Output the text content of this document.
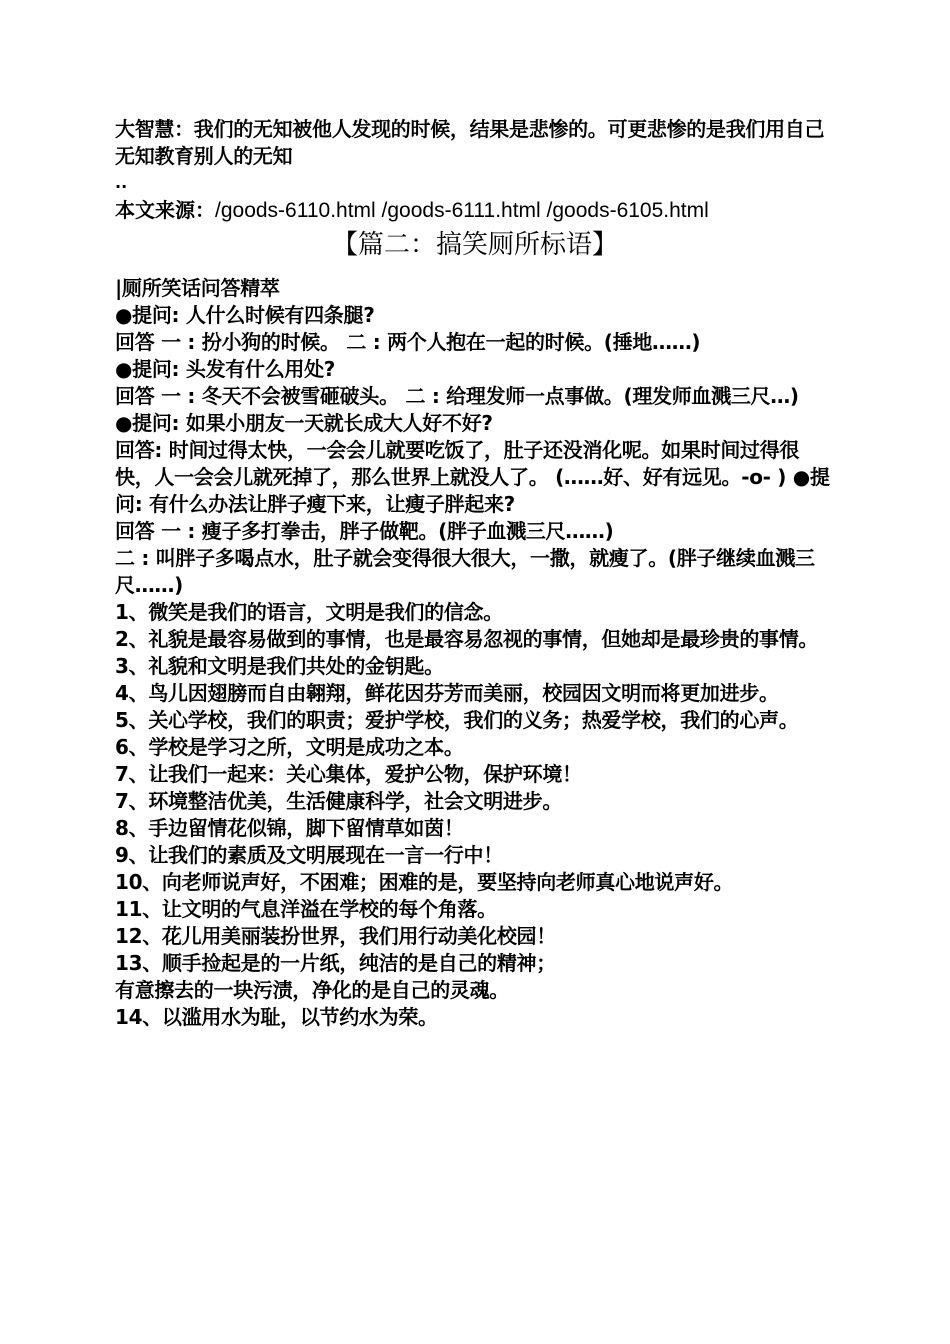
大智慧：我们的无知被他人发现的时候，结果是悲惨的。可更悲惨的是我们用自己无知教育别人的无知
..
本文来源：/goods-6110.html /goods-6111.html /goods-6105.html
【篇二：搞笑厕所标语】
|厕所笑话问答精萃
●提问: 人什么时候有四条腿?
回答 一 : 扮小狗的时候。 二 : 两个人抱在一起的时候。(捶地……)
●提问: 头发有什么用处?
回答 一 : 冬天不会被雪砸破头。 二 : 给理发师一点事做。(理发师血溅三尺…)
●提问: 如果小朋友一天就长成大人好不好?
回答: 时间过得太快，一会会儿就要吃饭了，肚子还没消化呢。如果时间过得很快，人一会会儿就死掉了，那么世界上就没人了。 (……好、好有远见。-o- ) ●提问: 有什么办法让胖子瘦下来，让瘦子胖起来?
回答 一 : 瘦子多打拳击，胖子做靶。(胖子血溅三尺……)
二 : 叫胖子多喝点水，肚子就会变得很大很大，一撒，就瘦了。(胖子继续血溅三尺……)
1、微笑是我们的语言，文明是我们的信念。
2、礼貌是最容易做到的事情，也是最容易忽视的事情，但她却是最珍贵的事情。
3、礼貌和文明是我们共处的金钥匙。
4、鸟儿因翅膀而自由翱翔，鲜花因芬芳而美丽，校园因文明而将更加进步。
5、关心学校，我们的职责；爱护学校，我们的义务；热爱学校，我们的心声。
6、学校是学习之所，文明是成功之本。
7、让我们一起来：关心集体，爱护公物，保护环境！
7、环境整洁优美，生活健康科学，社会文明进步。
8、手边留情花似锦，脚下留情草如茵！
9、让我们的素质及文明展现在一言一行中！
10、向老师说声好，不困难；困难的是，要坚持向老师真心地说声好。
11、让文明的气息洋溢在学校的每个角落。
12、花儿用美丽装扮世界，我们用行动美化校园！
13、顺手捡起是的一片纸，纯洁的是自己的精神；
有意擦去的一块污渍，净化的是自己的灵魂。
14、以滥用水为耻，以节约水为荣。
